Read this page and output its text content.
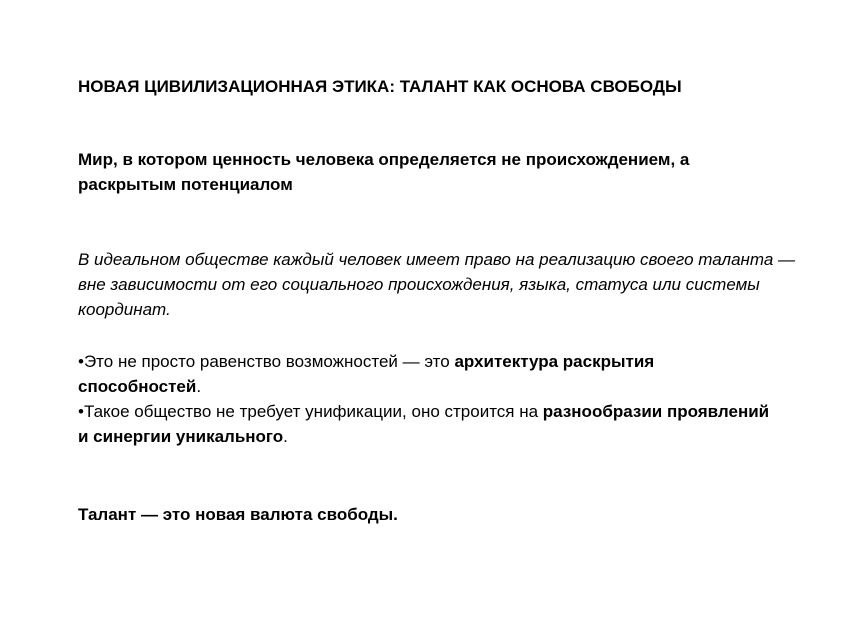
НОВАЯ ЦИВИЛИЗАЦИОННАЯ ЭТИКА: ТАЛАНТ КАК ОСНОВА СВОБОДЫ
Мир, в котором ценность человека определяется не происхождением, а раскрытым потенциалом
В идеальном обществе каждый человек имеет право на реализацию своего таланта — вне зависимости от его социального происхождения, языка, статуса или системы координат.

•Это не просто равенство возможностей — это архитектура раскрытия способностей.

•Такое общество не требует унификации, оно строится на разнообразии проявлений и синергии уникального.

Талант — это новая валюта свободы.
